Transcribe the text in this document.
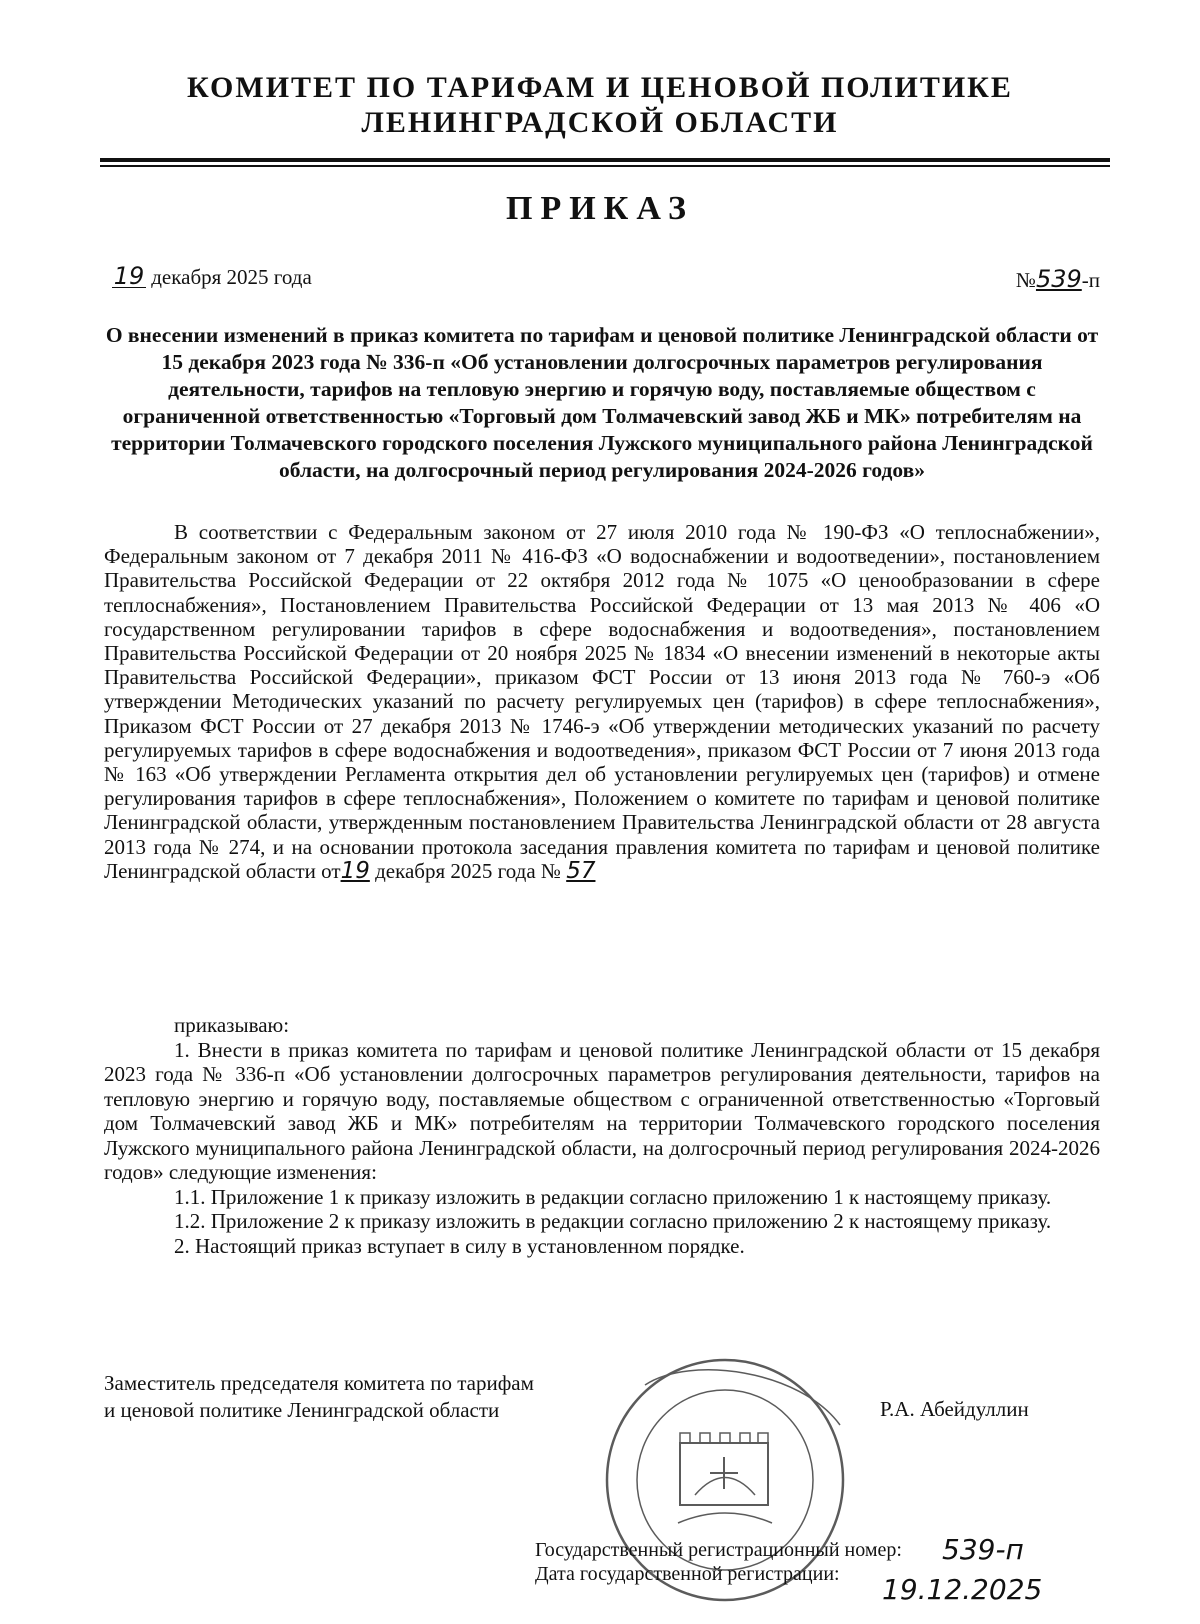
КОМИТЕТ ПО ТАРИФАМ И ЦЕНОВОЙ ПОЛИТИКЕ
ЛЕНИНГРАДСКОЙ ОБЛАСТИ
ПРИКАЗ
19 декабря 2025 года	№539-п
О внесении изменений в приказ комитета по тарифам и ценовой политике Ленинградской области от 15 декабря 2023 года № 336-п «Об установлении долгосрочных параметров регулирования деятельности, тарифов на тепловую энергию и горячую воду, поставляемые обществом с ограниченной ответственностью «Торговый дом Толмачевский завод ЖБ и МК» потребителям на территории Толмачевского городского поселения Лужского муниципального района Ленинградской области, на долгосрочный период регулирования 2024-2026 годов»

В соответствии с Федеральным законом от 27 июля 2010 года № 190-ФЗ «О теплоснабжении», Федеральным законом от 7 декабря 2011 № 416-ФЗ «О водоснабжении и водоотведении», постановлением Правительства Российской Федерации от 22 октября 2012 года № 1075 «О ценообразовании в сфере теплоснабжения», Постановлением Правительства Российской Федерации от 13 мая 2013 № 406 «О государственном регулировании тарифов в сфере водоснабжения и водоотведения», постановлением Правительства Российской Федерации от 20 ноября 2025 № 1834 «О внесении изменений в некоторые акты Правительства Российской Федерации», приказом ФСТ России от 13 июня 2013 года № 760-э «Об утверждении Методических указаний по расчету регулируемых цен (тарифов) в сфере теплоснабжения», Приказом ФСТ России от 27 декабря 2013 № 1746-э «Об утверждении методических указаний по расчету регулируемых тарифов в сфере водоснабжения и водоотведения», приказом ФСТ России от 7 июня 2013 года № 163 «Об утверждении Регламента открытия дел об установлении регулируемых цен (тарифов) и отмене регулирования тарифов в сфере теплоснабжения», Положением о комитете по тарифам и ценовой политике Ленинградской области, утвержденным постановлением Правительства Ленинградской области от 28 августа 2013 года № 274, и на основании протокола заседания правления комитета по тарифам и ценовой политике Ленинградской области от19 декабря 2025 года № 57

приказываю:

1. Внести в приказ комитета по тарифам и ценовой политике Ленинградской области от 15 декабря 2023 года № 336-п «Об установлении долгосрочных параметров регулирования деятельности, тарифов на тепловую энергию и горячую воду, поставляемые обществом с ограниченной ответственностью «Торговый дом Толмачевский завод ЖБ и МК» потребителям на территории Толмачевского городского поселения Лужского муниципального района Ленинградской области, на долгосрочный период регулирования 2024-2026 годов» следующие изменения:

1.1. Приложение 1 к приказу изложить в редакции согласно приложению 1 к настоящему приказу.

1.2. Приложение 2 к приказу изложить в редакции согласно приложению 2 к настоящему приказу.

2. Настоящий приказ вступает в силу в установленном порядке.

Заместитель председателя комитета по тарифам
и ценовой политике Ленинградской области	Р.А. Абейдуллин
Государственный регистрационный номер:
Дата государственной регистрации:
539-п
19.12.2025
